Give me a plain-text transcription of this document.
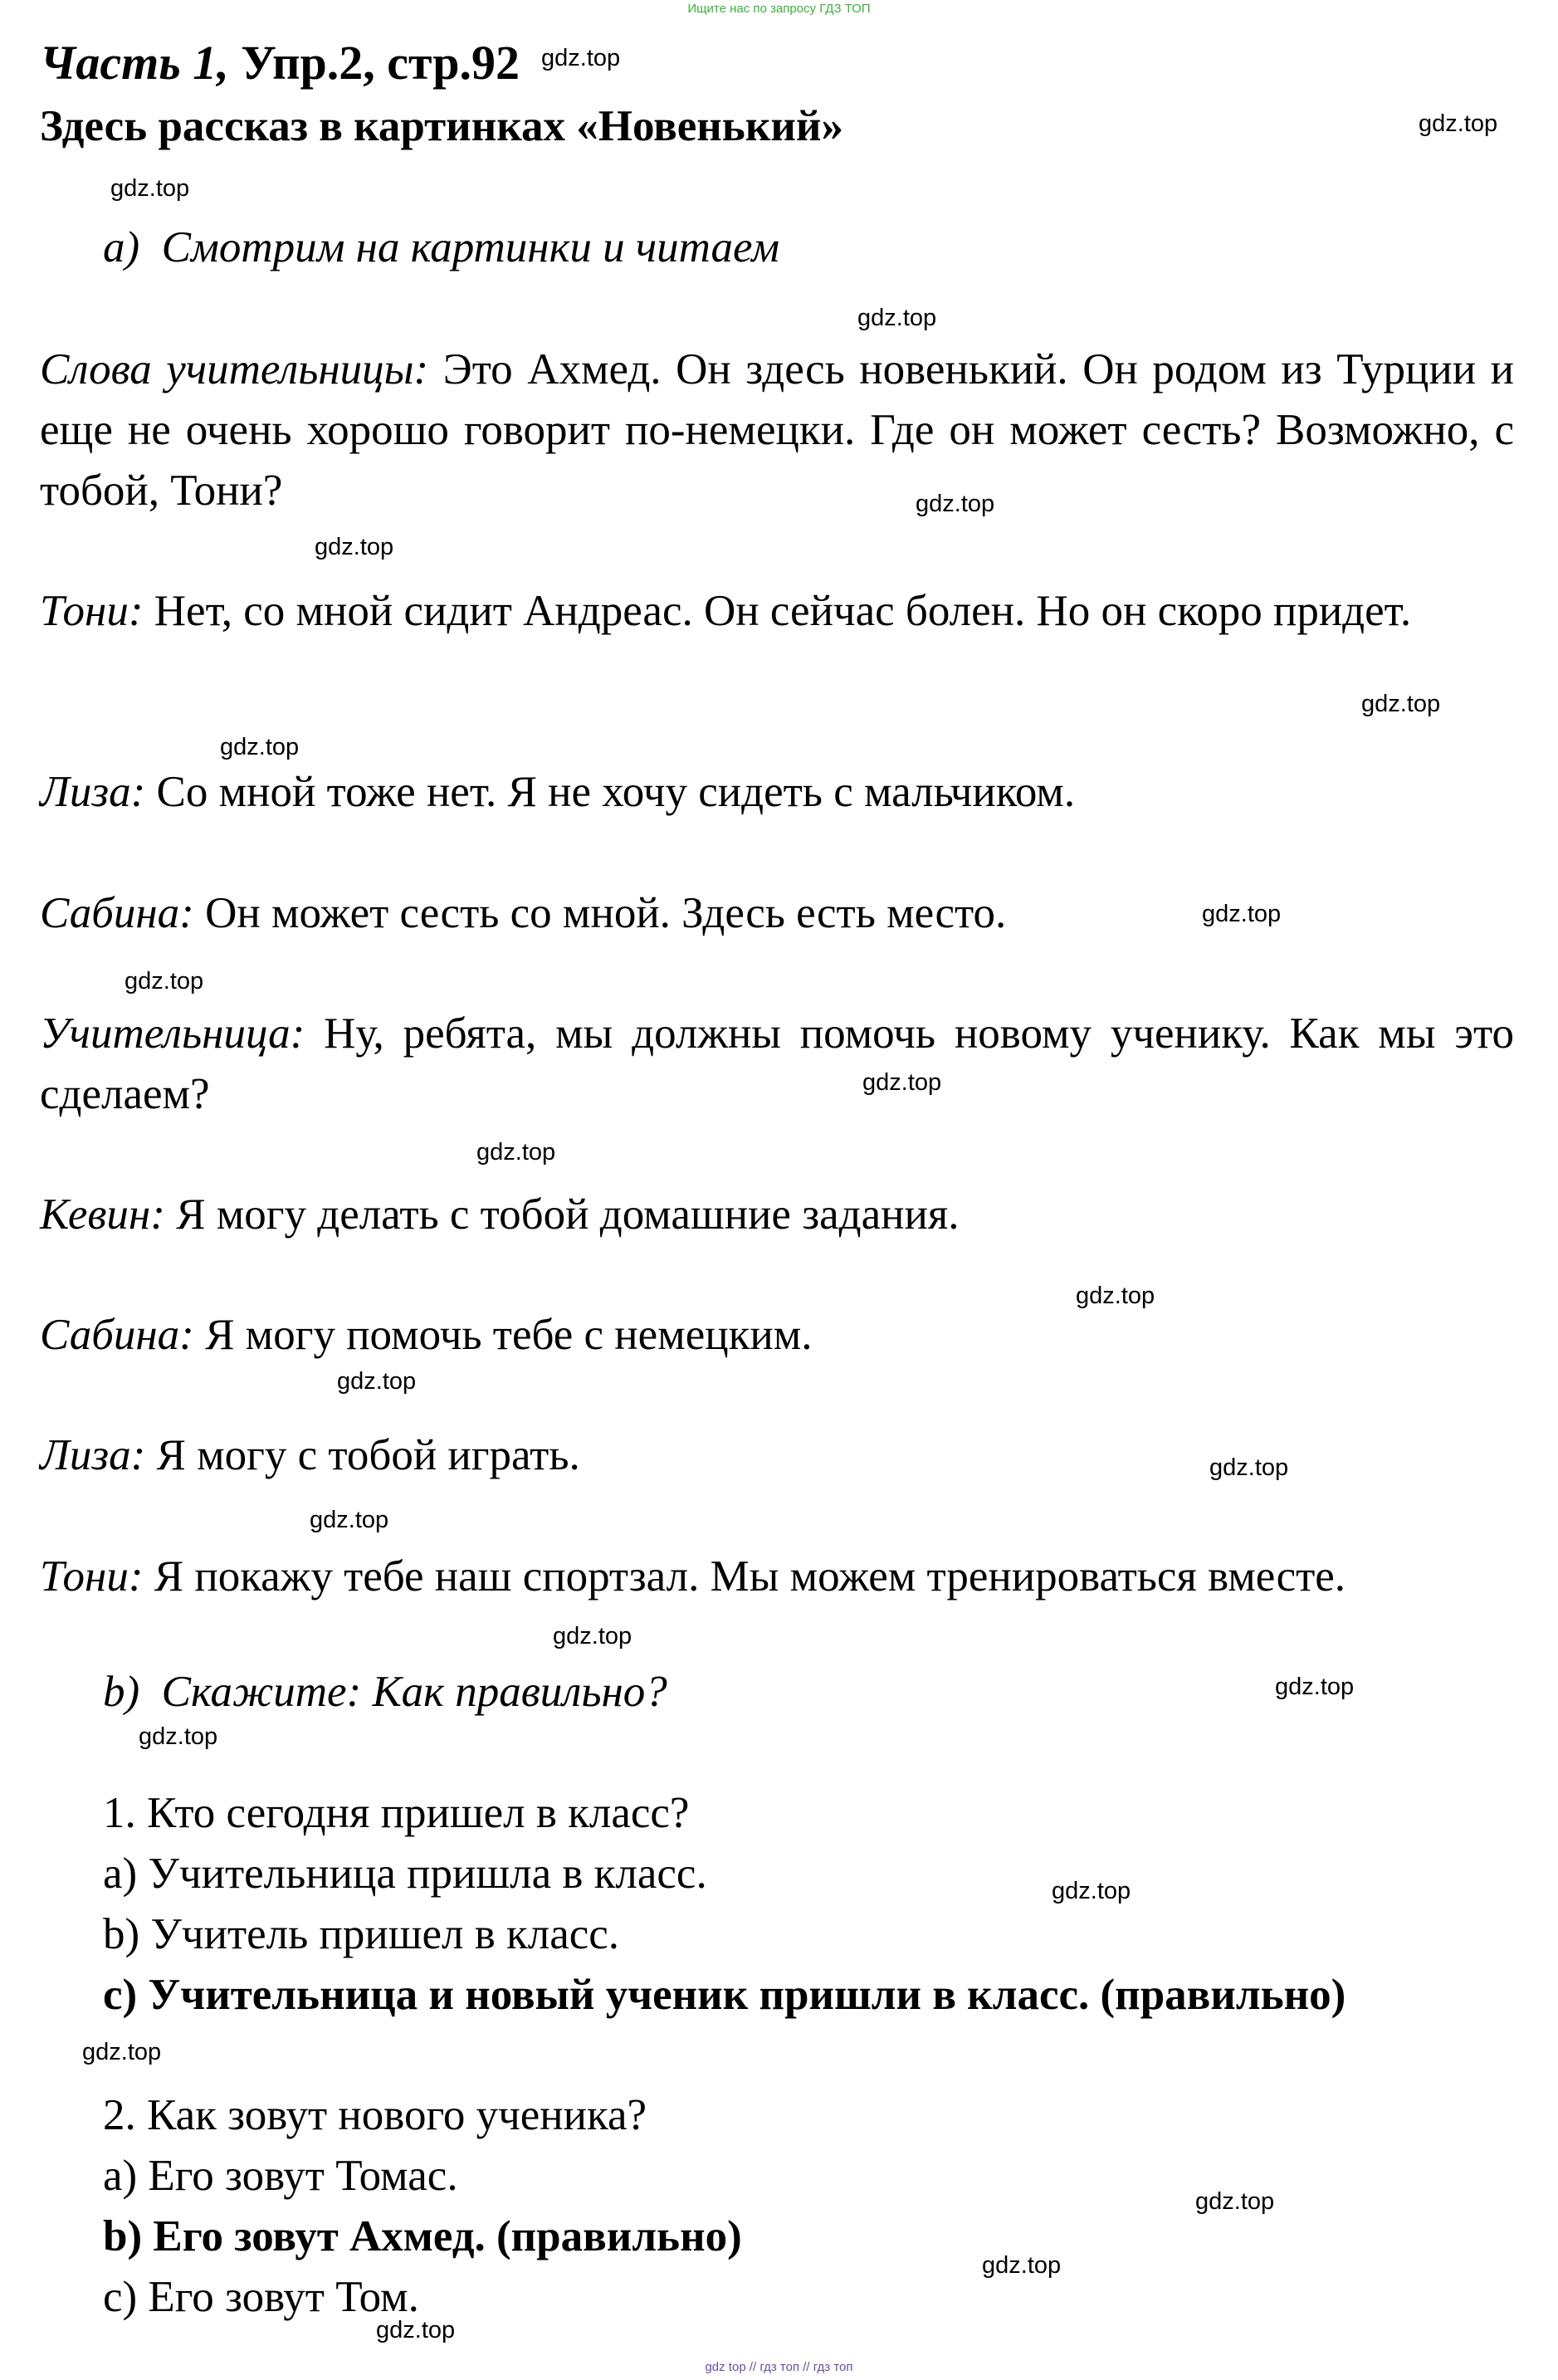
Ищите нас по запросу ГДЗ ТОП
gdz top // гдз топ // гдз топ
Часть 1, Упр.2, стр.92
Здесь рассказ в картинках «Новенький»
a) Смотрим на картинки и читаем
Слова учительницы: Это Ахмед. Он здесь новенький. Он родом из Турции и еще не очень хорошо говорит по-немецки. Где он может сесть? Возможно, с тобой, Тони?
Тони: Нет, со мной сидит Андреас. Он сейчас болен. Но он скоро придет.
Лиза: Со мной тоже нет. Я не хочу сидеть с мальчиком.
Сабина: Он может сесть со мной. Здесь есть место.
Учительница: Ну, ребята, мы должны помочь новому ученику. Как мы это сделаем?
Кевин: Я могу делать с тобой домашние задания.
Сабина: Я могу помочь тебе с немецким.
Лиза: Я могу с тобой играть.
Тони: Я покажу тебе наш спортзал. Мы можем тренироваться вместе.
b) Скажите: Как правильно?
1. Кто сегодня пришел в класс?
a) Учительница пришла в класс.
b) Учитель пришел в класс.
c) Учительница и новый ученик пришли в класс. (правильно)
2. Как зовут нового ученика?
a) Его зовут Томас.
b) Его зовут Ахмед. (правильно)
c) Его зовут Том.
gdz.top
gdz.top
gdz.top
gdz.top
gdz.top
gdz.top
gdz.top
gdz.top
gdz.top
gdz.top
gdz.top
gdz.top
gdz.top
gdz.top
gdz.top
gdz.top
gdz.top
gdz.top
gdz.top
gdz.top
gdz.top
gdz.top
gdz.top
gdz.top
